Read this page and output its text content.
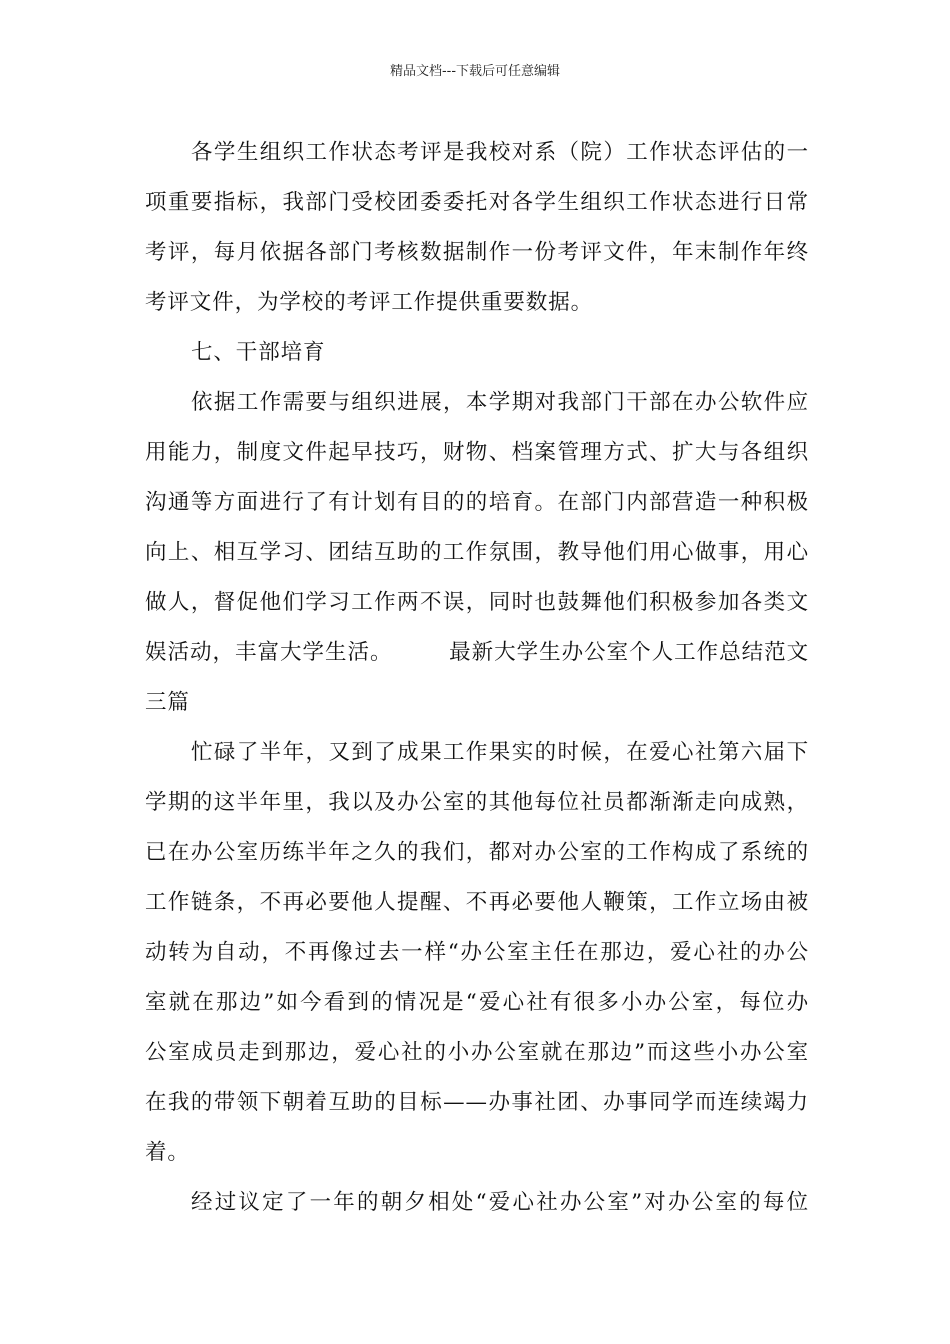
精品文档---下载后可任意编辑
各学生组织工作状态考评是我校对系（院）工作状态评估的一
项重要指标，我部门受校团委委托对各学生组织工作状态进行日常
考评，每月依据各部门考核数据制作一份考评文件，年末制作年终
考评文件，为学校的考评工作提供重要数据。
七、干部培育
依据工作需要与组织进展，本学期对我部门干部在办公软件应
用能力，制度文件起早技巧，财物、档案管理方式、扩大与各组织
沟通等方面进行了有计划有目的的培育。在部门内部营造一种积极
向上、相互学习、团结互助的工作氛围，教导他们用心做事，用心
做人，督促他们学习工作两不误，同时也鼓舞他们积极参加各类文
娱活动，丰富大学生活。　　　最新大学生办公室个人工作总结范文
三篇
忙碌了半年，又到了成果工作果实的时候，在爱心社第六届下
学期的这半年里，我以及办公室的其他每位社员都渐渐走向成熟，
已在办公室历练半年之久的我们，都对办公室的工作构成了系统的
工作链条，不再必要他人提醒、不再必要他人鞭策，工作立场由被
动转为自动，不再像过去一样“办公室主任在那边，爱心社的办公
室就在那边”如今看到的情况是“爱心社有很多小办公室，每位办
公室成员走到那边，爱心社的小办公室就在那边”而这些小办公室
在我的带领下朝着互助的目标——办事社团、办事同学而连续竭力
着。
经过议定了一年的朝夕相处“爱心社办公室”对办公室的每位
